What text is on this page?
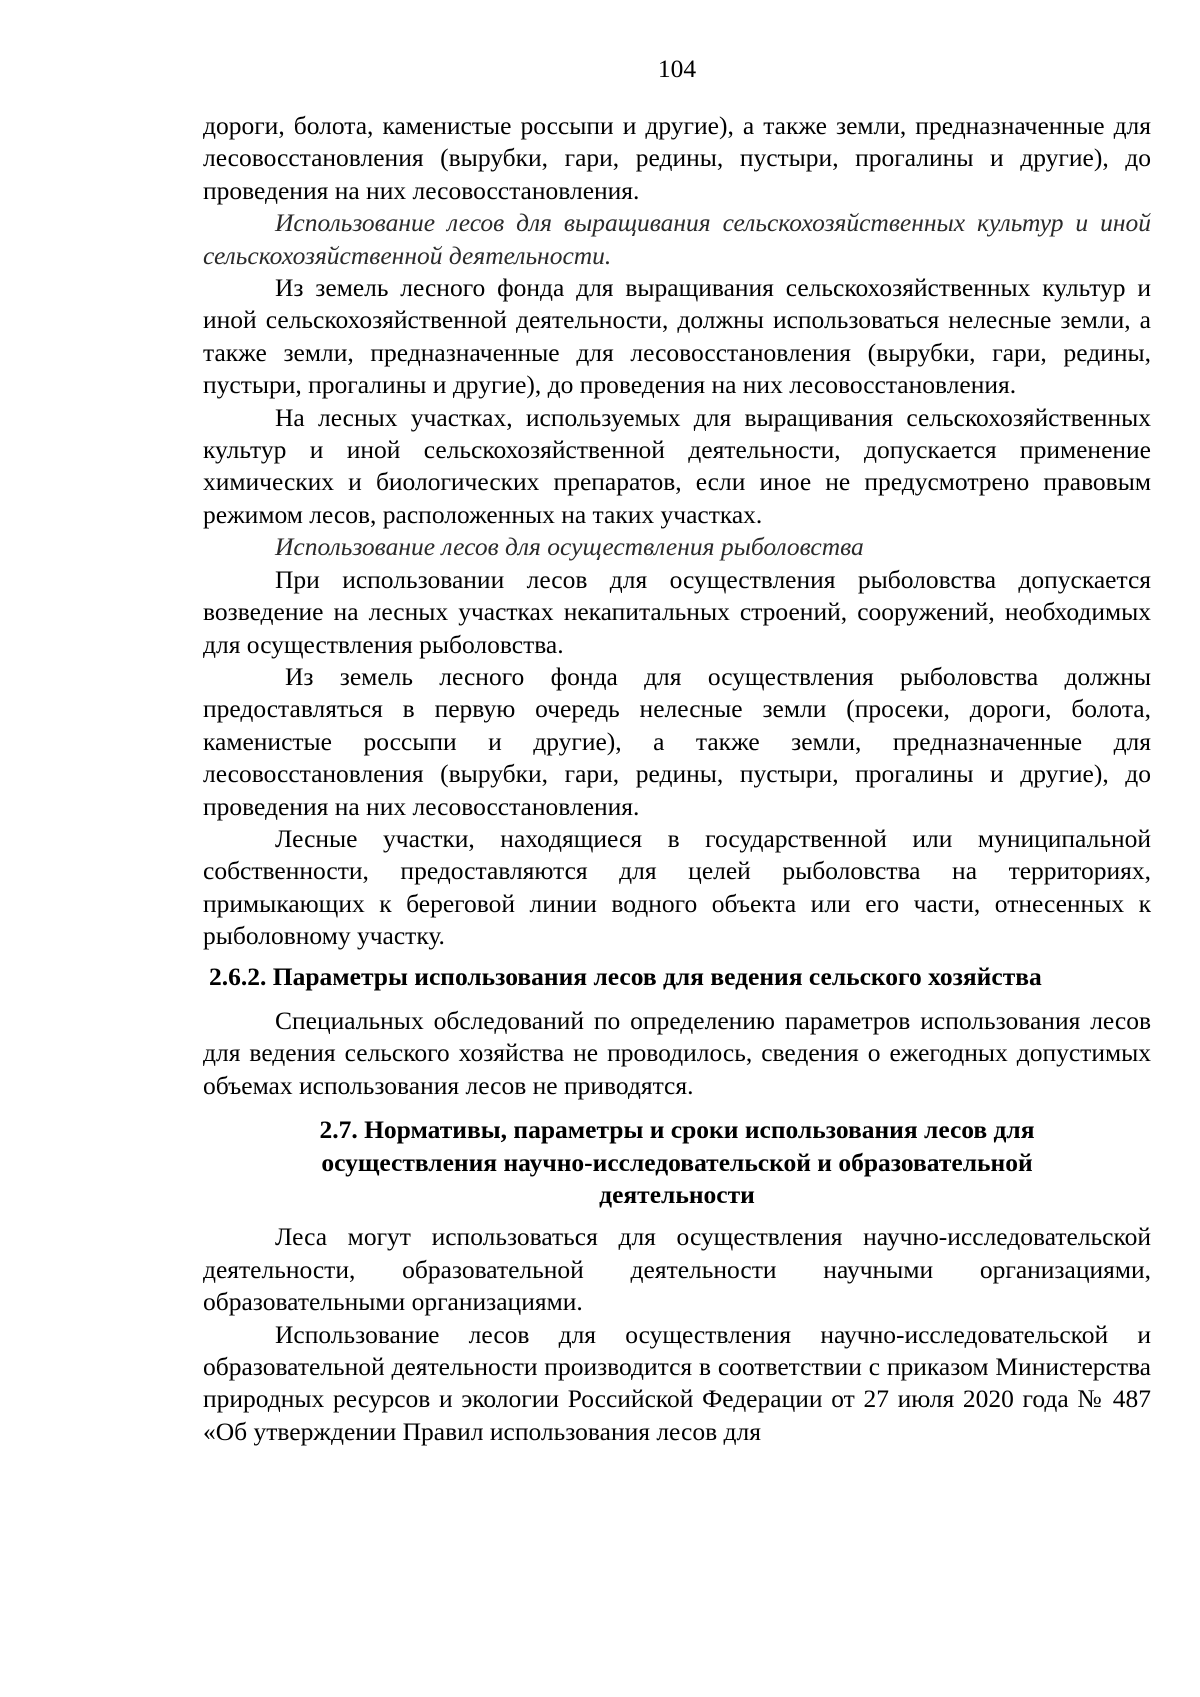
104

дороги, болота, каменистые россыпи и другие), а также земли, предназначенные для лесовосстановления (вырубки, гари, редины, пустыри, прогалины и другие), до проведения на них лесовосстановления.

Использование лесов для выращивания сельскохозяйственных культур и иной сельскохозяйственной деятельности.

Из земель лесного фонда для выращивания сельскохозяйственных культур и иной сельскохозяйственной деятельности, должны использоваться нелесные земли, а также земли, предназначенные для лесовосстановления (вырубки, гари, редины, пустыри, прогалины и другие), до проведения на них лесовосстановления.

На лесных участках, используемых для выращивания сельскохозяйственных культур и иной сельскохозяйственной деятельности, допускается применение химических и биологических препаратов, если иное не предусмотрено правовым режимом лесов, расположенных на таких участках.

Использование лесов для осуществления рыболовства

При использовании лесов для осуществления рыболовства допускается возведение на лесных участках некапитальных строений, сооружений, необходимых для осуществления рыболовства.

Из земель лесного фонда для осуществления рыболовства должны предоставляться в первую очередь нелесные земли (просеки, дороги, болота, каменистые россыпи и другие), а также земли, предназначенные для лесовосстановления (вырубки, гари, редины, пустыри, прогалины и другие), до проведения на них лесовосстановления.

Лесные участки, находящиеся в государственной или муниципальной собственности, предоставляются для целей рыболовства на территориях, примыкающих к береговой линии водного объекта или его части, отнесенных к рыболовному участку.

2.6.2. Параметры использования лесов для ведения сельского хозяйства

Специальных обследований по определению параметров использования лесов для ведения сельского хозяйства не проводилось, сведения о ежегодных допустимых объемах использования лесов не приводятся.

2.7. Нормативы, параметры и сроки использования лесов для осуществления научно-исследовательской и образовательной деятельности

Леса могут использоваться для осуществления научно-исследовательской деятельности, образовательной деятельности научными организациями, образовательными организациями.

Использование лесов для осуществления научно-исследовательской и образовательной деятельности производится в соответствии с приказом Министерства природных ресурсов и экологии Российской Федерации от 27 июля 2020 года № 487 «Об утверждении Правил использования лесов для
